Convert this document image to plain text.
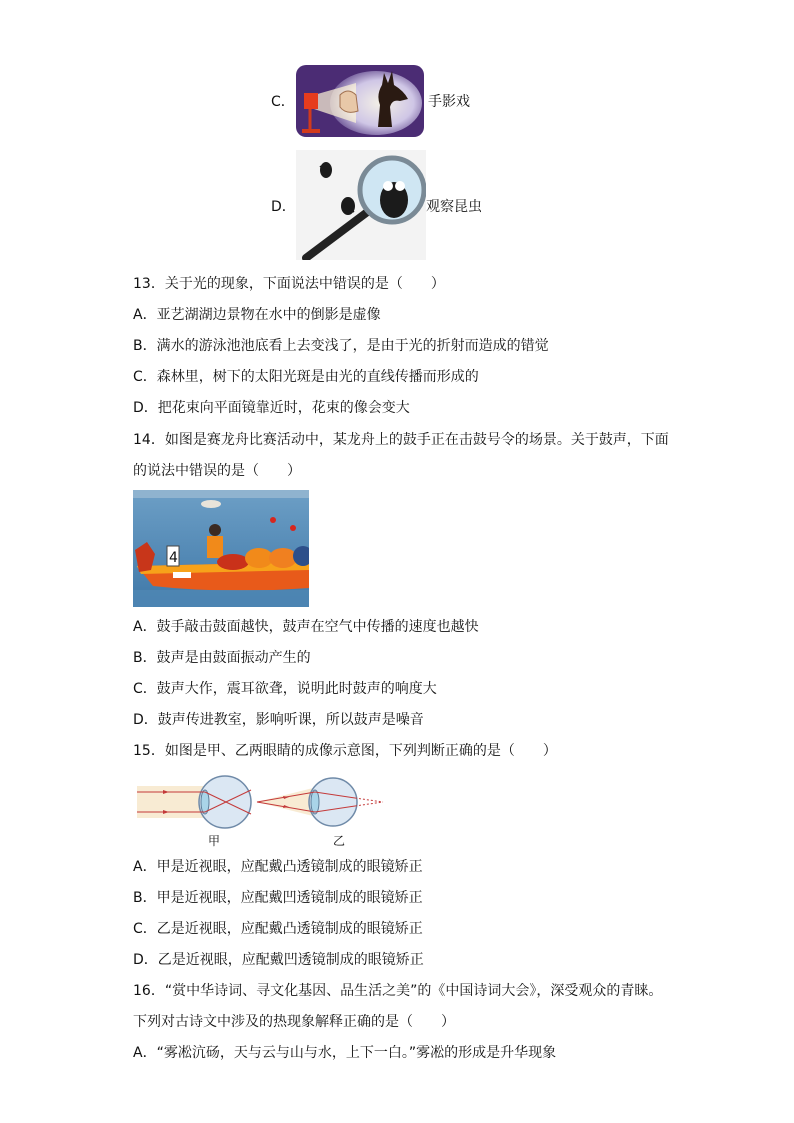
C．	手影戏
D．	观察昆虫
13．关于光的现象，下面说法中错误的是（　　）
A．亚艺湖湖边景物在水中的倒影是虚像
B．满水的游泳池池底看上去变浅了，是由于光的折射而造成的错觉
C．森林里，树下的太阳光斑是由光的直线传播而形成的
D．把花束向平面镜靠近时，花束的像会变大
14．如图是赛龙舟比赛活动中，某龙舟上的鼓手正在击鼓号令的场景。关于鼓声，下面
的说法中错误的是（　　）
4
A．鼓手敲击鼓面越快，鼓声在空气中传播的速度也越快
B．鼓声是由鼓面振动产生的
C．鼓声大作，震耳欲聋，说明此时鼓声的响度大
D．鼓声传进教室，影响听课，所以鼓声是噪音
15．如图是甲、乙两眼睛的成像示意图，下列判断正确的是（　　）
甲	乙
A．甲是近视眼，应配戴凸透镜制成的眼镜矫正
B．甲是近视眼，应配戴凹透镜制成的眼镜矫正
C．乙是近视眼，应配戴凸透镜制成的眼镜矫正
D．乙是近视眼，应配戴凹透镜制成的眼镜矫正
16．“赏中华诗词、寻文化基因、品生活之美”的《中国诗词大会》，深受观众的青睐。
下列对古诗文中涉及的热现象解释正确的是（　　）
A．“雾凇沆砀，天与云与山与水，上下一白。”雾凇的形成是升华现象
